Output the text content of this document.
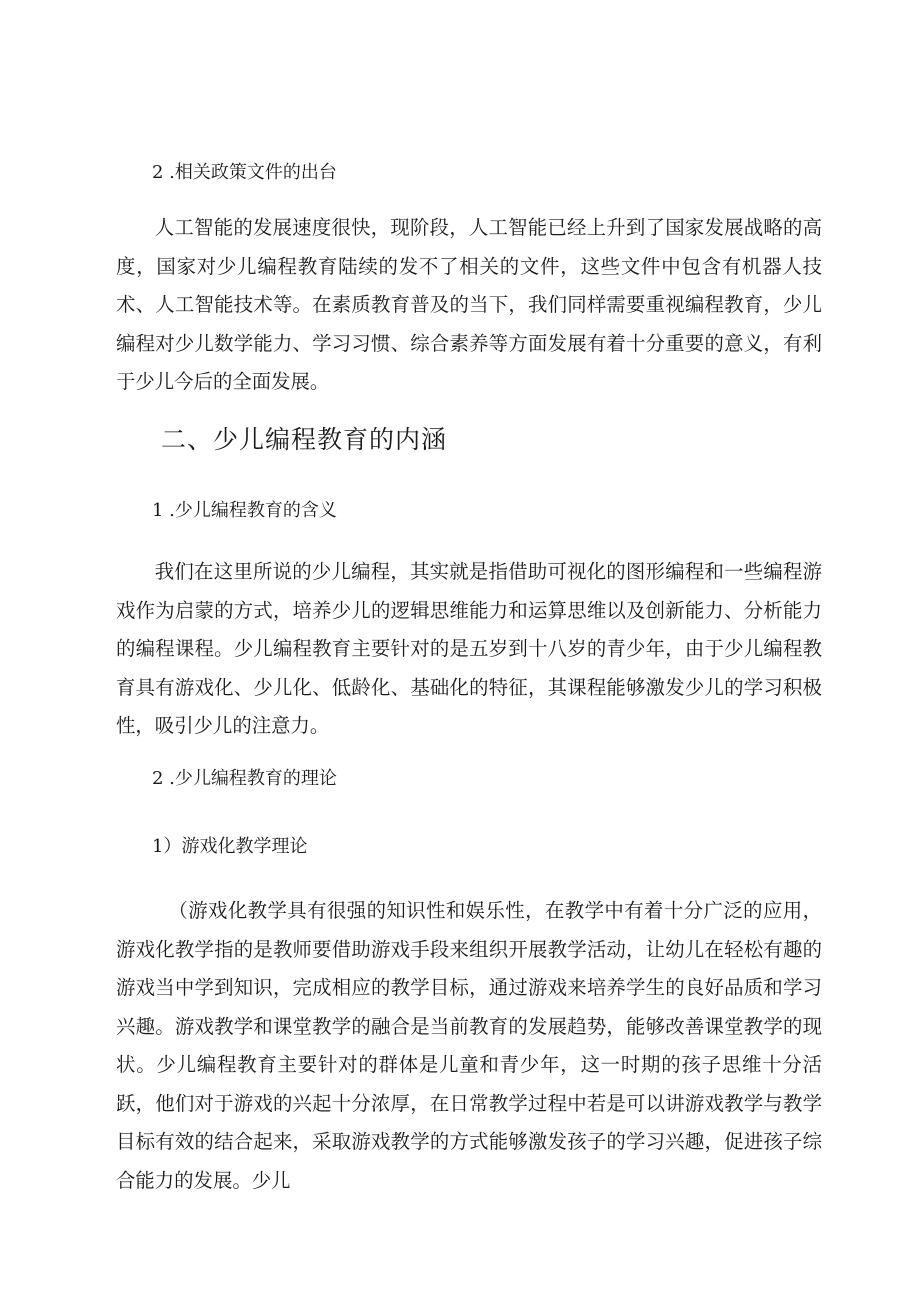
2 .相关政策文件的出台

人工智能的发展速度很快，现阶段，人工智能已经上升到了国家发展战略的高度，国家对少儿编程教育陆续的发不了相关的文件，这些文件中包含有机器人技术、人工智能技术等。在素质教育普及的当下，我们同样需要重视编程教育，少儿编程对少儿数学能力、学习习惯、综合素养等方面发展有着十分重要的意义，有利于少儿今后的全面发展。

二、少儿编程教育的内涵
1 .少儿编程教育的含义

我们在这里所说的少儿编程，其实就是指借助可视化的图形编程和一些编程游戏作为启蒙的方式，培养少儿的逻辑思维能力和运算思维以及创新能力、分析能力的编程课程。少儿编程教育主要针对的是五岁到十八岁的青少年，由于少儿编程教育具有游戏化、少儿化、低龄化、基础化的特征，其课程能够激发少儿的学习积极性，吸引少儿的注意力。

2 .少儿编程教育的理论
1）游戏化教学理论

（游戏化教学具有很强的知识性和娱乐性，在教学中有着十分广泛的应用，游戏化教学指的是教师要借助游戏手段来组织开展教学活动，让幼儿在轻松有趣的游戏当中学到知识，完成相应的教学目标，通过游戏来培养学生的良好品质和学习兴趣。游戏教学和课堂教学的融合是当前教育的发展趋势，能够改善课堂教学的现状。少儿编程教育主要针对的群体是儿童和青少年，这一时期的孩子思维十分活跃，他们对于游戏的兴起十分浓厚，在日常教学过程中若是可以讲游戏教学与教学目标有效的结合起来，采取游戏教学的方式能够激发孩子的学习兴趣，促进孩子综合能力的发展。少儿
